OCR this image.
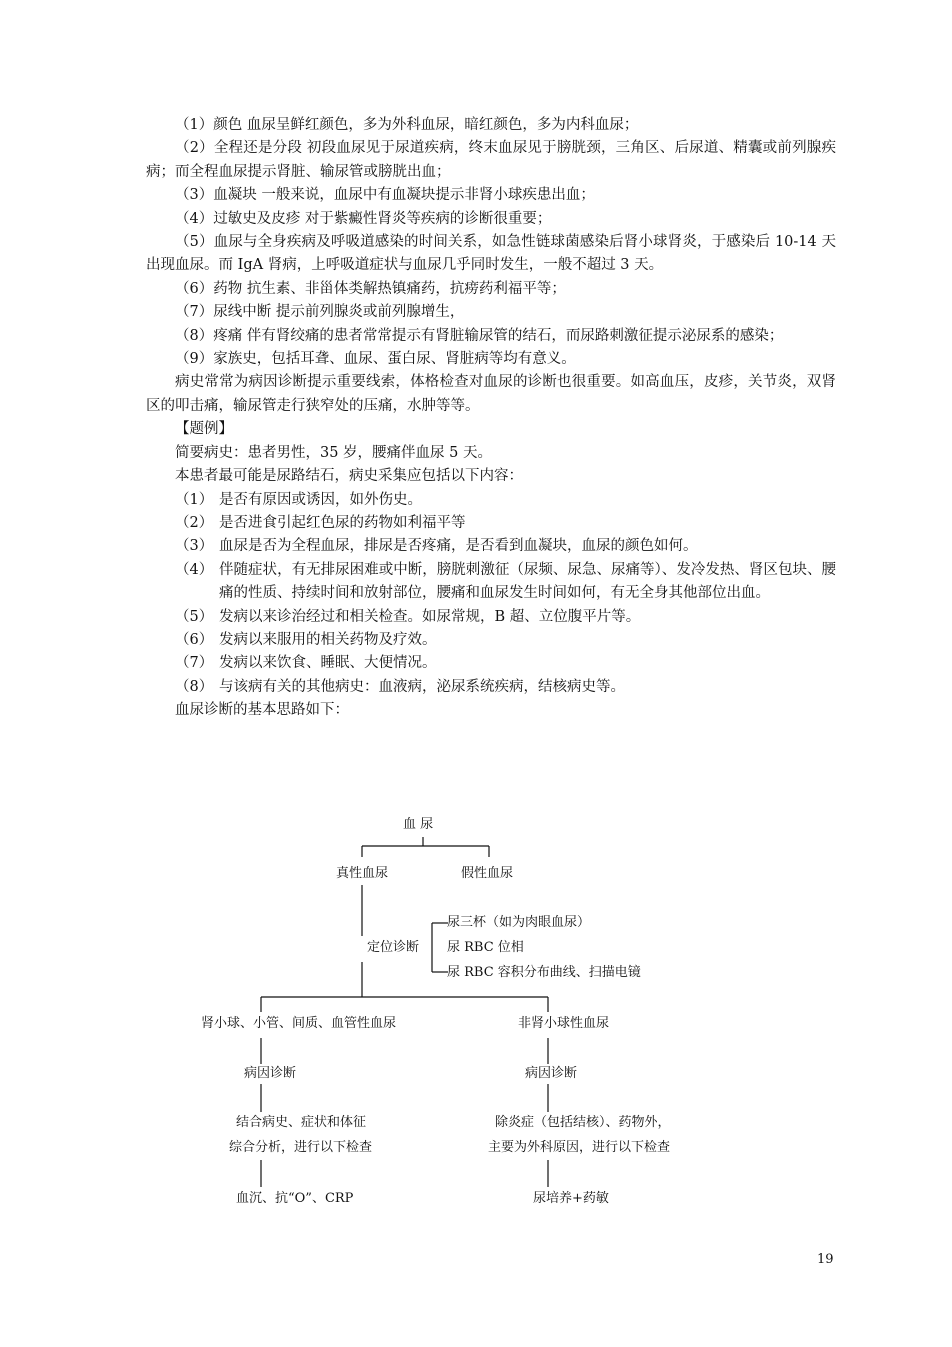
（1）颜色 血尿呈鲜红颜色，多为外科血尿，暗红颜色，多为内科血尿；

（2）全程还是分段 初段血尿见于尿道疾病，终末血尿见于膀胱颈，三角区、后尿道、精囊或前列腺疾病；而全程血尿提示肾脏、输尿管或膀胱出血；

（3）血凝块 一般来说，血尿中有血凝块提示非肾小球疾患出血；

（4）过敏史及皮疹 对于紫癜性肾炎等疾病的诊断很重要；

（5）血尿与全身疾病及呼吸道感染的时间关系，如急性链球菌感染后肾小球肾炎，于感染后 10-14 天出现血尿。而 IgA 肾病，上呼吸道症状与血尿几乎同时发生，一般不超过 3 天。

（6）药物 抗生素、非甾体类解热镇痛药，抗痨药利福平等；

（7）尿线中断 提示前列腺炎或前列腺增生，

（8）疼痛 伴有肾绞痛的患者常常提示有肾脏输尿管的结石，而尿路刺激征提示泌尿系的感染；

（9）家族史，包括耳聋、血尿、蛋白尿、肾脏病等均有意义。

病史常常为病因诊断提示重要线索，体格检查对血尿的诊断也很重要。如高血压，皮疹，关节炎，双肾区的叩击痛，输尿管走行狭窄处的压痛，水肿等等。

【题例】

简要病史：患者男性，35 岁，腰痛伴血尿 5 天。

本患者最可能是尿路结石，病史采集应包括以下内容：

（1） 是否有原因或诱因，如外伤史。
（2） 是否进食引起红色尿的药物如利福平等
（3） 血尿是否为全程血尿，排尿是否疼痛，是否看到血凝块，血尿的颜色如何。
（4） 伴随症状，有无排尿困难或中断，膀胱刺激征（尿频、尿急、尿痛等）、发冷发热、肾区包块、腰痛的性质、持续时间和放射部位，腰痛和血尿发生时间如何，有无全身其他部位出血。
（5） 发病以来诊治经过和相关检查。如尿常规，B 超、立位腹平片等。
（6） 发病以来服用的相关药物及疗效。
（7） 发病以来饮食、睡眠、大便情况。
（8） 与该病有关的其他病史：血液病，泌尿系统疾病，结核病史等。

血尿诊断的基本思路如下：

血 尿
真性血尿	假性血尿
定位诊断
尿三杯（如为肉眼血尿）
尿 RBC 位相
尿 RBC 容积分布曲线、扫描电镜
肾小球、小管、间质、血管性血尿
病因诊断
结合病史、症状和体征
综合分析，进行以下检查
血沉、抗“O”、CRP
非肾小球性血尿
病因诊断
除炎症（包括结核）、药物外，
主要为外科原因，进行以下检查
尿培养+药敏
19
